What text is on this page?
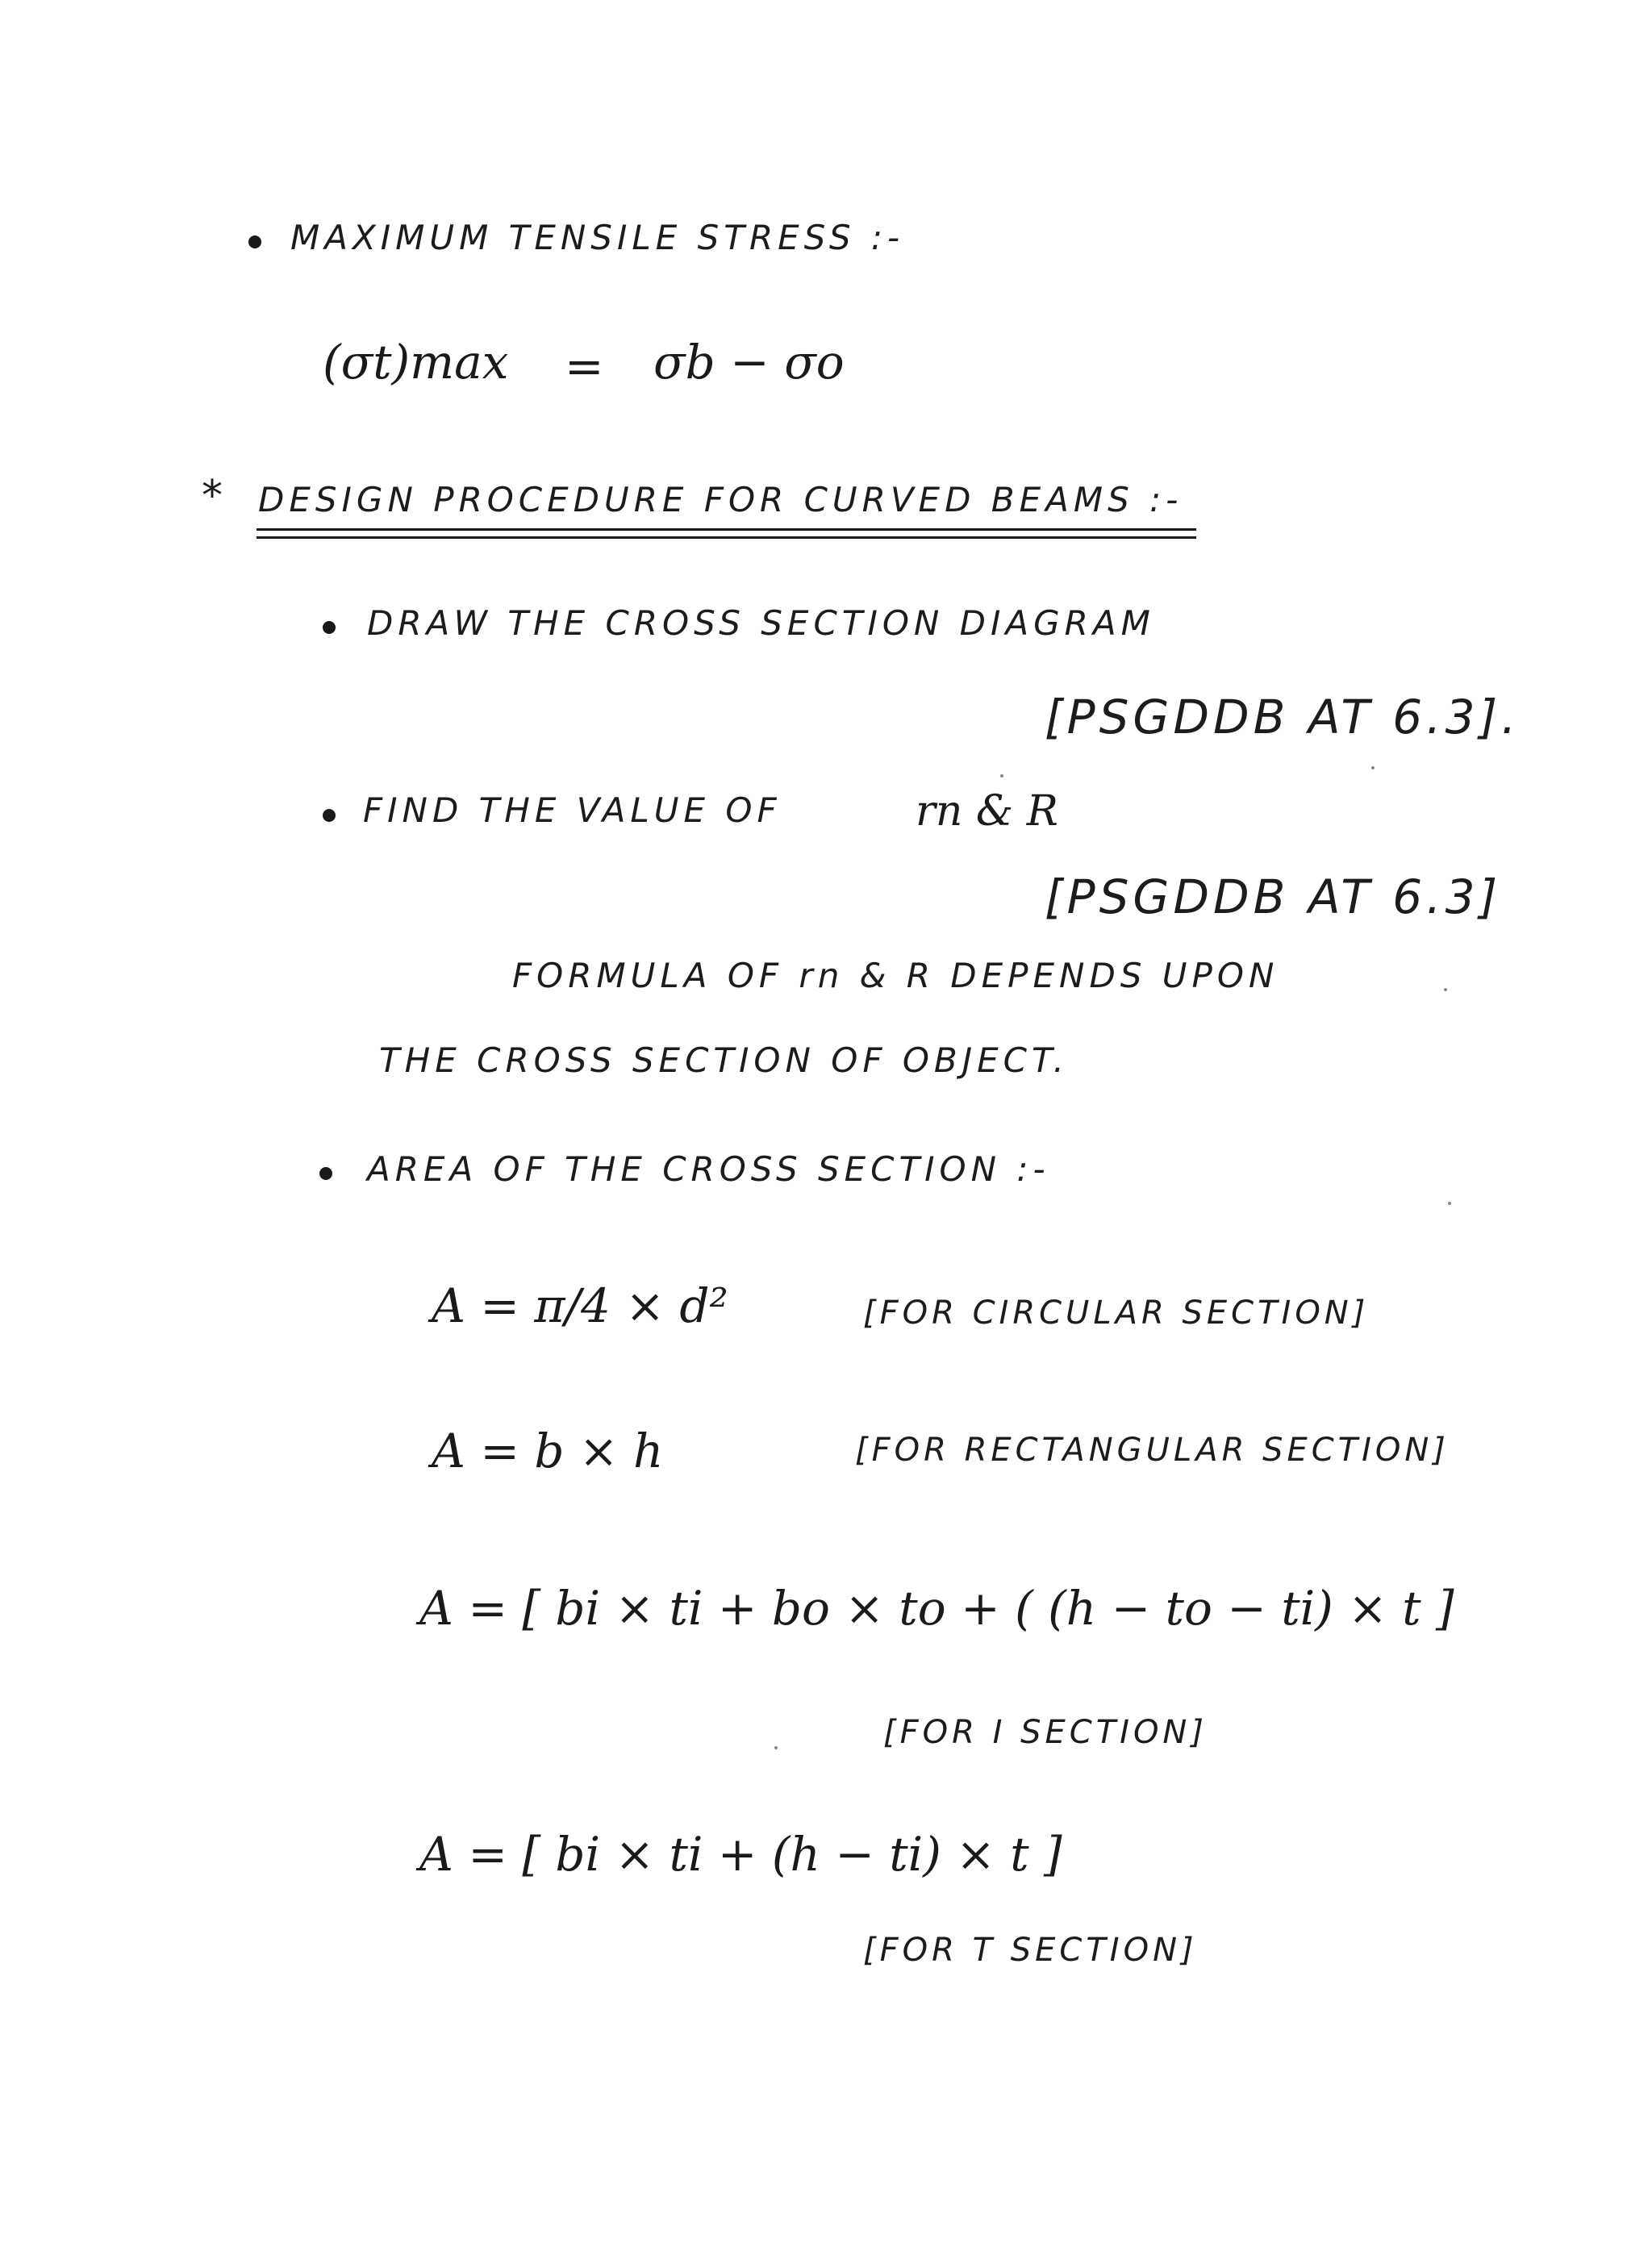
MAXIMUM TENSILE STRESS :-
(σt)max = σb − σo
* DESIGN PROCEDURE FOR CURVED BEAMS :-
DRAW THE CROSS SECTION DIAGRAM
[PSGDDB AT 6.3].
FIND THE VALUE OF	rn & R
[PSGDDB AT 6.3]
FORMULA OF rn & R DEPENDS UPON
THE CROSS SECTION OF OBJECT.
AREA OF THE CROSS SECTION :-
A = π/4 × d²	[FOR CIRCULAR SECTION]
A = b × h	[FOR RECTANGULAR SECTION]
A = [ bi × ti + bo × to + ( (h − to − ti) × t ]
[FOR I SECTION]
A = [ bi × ti + (h − ti) × t ]
[FOR T SECTION]
